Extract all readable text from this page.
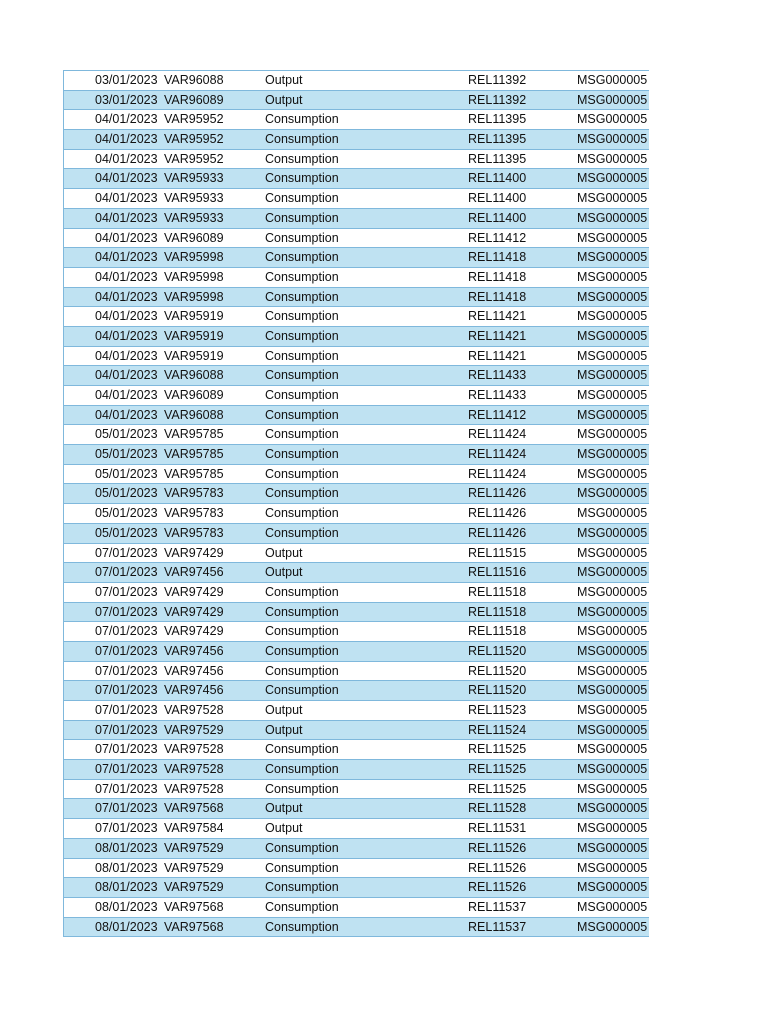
03/01/2023 VAR96088	Output	REL11392	MSG000005
03/01/2023 VAR96089	Output	REL11392	MSG000005
04/01/2023 VAR95952	Consumption	REL11395	MSG000005
04/01/2023 VAR95952	Consumption	REL11395	MSG000005
04/01/2023 VAR95952	Consumption	REL11395	MSG000005
04/01/2023 VAR95933	Consumption	REL11400	MSG000005
04/01/2023 VAR95933	Consumption	REL11400	MSG000005
04/01/2023 VAR95933	Consumption	REL11400	MSG000005
04/01/2023 VAR96089	Consumption	REL11412	MSG000005
04/01/2023 VAR95998	Consumption	REL11418	MSG000005
04/01/2023 VAR95998	Consumption	REL11418	MSG000005
04/01/2023 VAR95998	Consumption	REL11418	MSG000005
04/01/2023 VAR95919	Consumption	REL11421	MSG000005
04/01/2023 VAR95919	Consumption	REL11421	MSG000005
04/01/2023 VAR95919	Consumption	REL11421	MSG000005
04/01/2023 VAR96088	Consumption	REL11433	MSG000005
04/01/2023 VAR96089	Consumption	REL11433	MSG000005
04/01/2023 VAR96088	Consumption	REL11412	MSG000005
05/01/2023 VAR95785	Consumption	REL11424	MSG000005
05/01/2023 VAR95785	Consumption	REL11424	MSG000005
05/01/2023 VAR95785	Consumption	REL11424	MSG000005
05/01/2023 VAR95783	Consumption	REL11426	MSG000005
05/01/2023 VAR95783	Consumption	REL11426	MSG000005
05/01/2023 VAR95783	Consumption	REL11426	MSG000005
07/01/2023 VAR97429	Output	REL11515	MSG000005
07/01/2023 VAR97456	Output	REL11516	MSG000005
07/01/2023 VAR97429	Consumption	REL11518	MSG000005
07/01/2023 VAR97429	Consumption	REL11518	MSG000005
07/01/2023 VAR97429	Consumption	REL11518	MSG000005
07/01/2023 VAR97456	Consumption	REL11520	MSG000005
07/01/2023 VAR97456	Consumption	REL11520	MSG000005
07/01/2023 VAR97456	Consumption	REL11520	MSG000005
07/01/2023 VAR97528	Output	REL11523	MSG000005
07/01/2023 VAR97529	Output	REL11524	MSG000005
07/01/2023 VAR97528	Consumption	REL11525	MSG000005
07/01/2023 VAR97528	Consumption	REL11525	MSG000005
07/01/2023 VAR97528	Consumption	REL11525	MSG000005
07/01/2023 VAR97568	Output	REL11528	MSG000005
07/01/2023 VAR97584	Output	REL11531	MSG000005
08/01/2023 VAR97529	Consumption	REL11526	MSG000005
08/01/2023 VAR97529	Consumption	REL11526	MSG000005
08/01/2023 VAR97529	Consumption	REL11526	MSG000005
08/01/2023 VAR97568	Consumption	REL11537	MSG000005
08/01/2023 VAR97568	Consumption	REL11537	MSG000005
